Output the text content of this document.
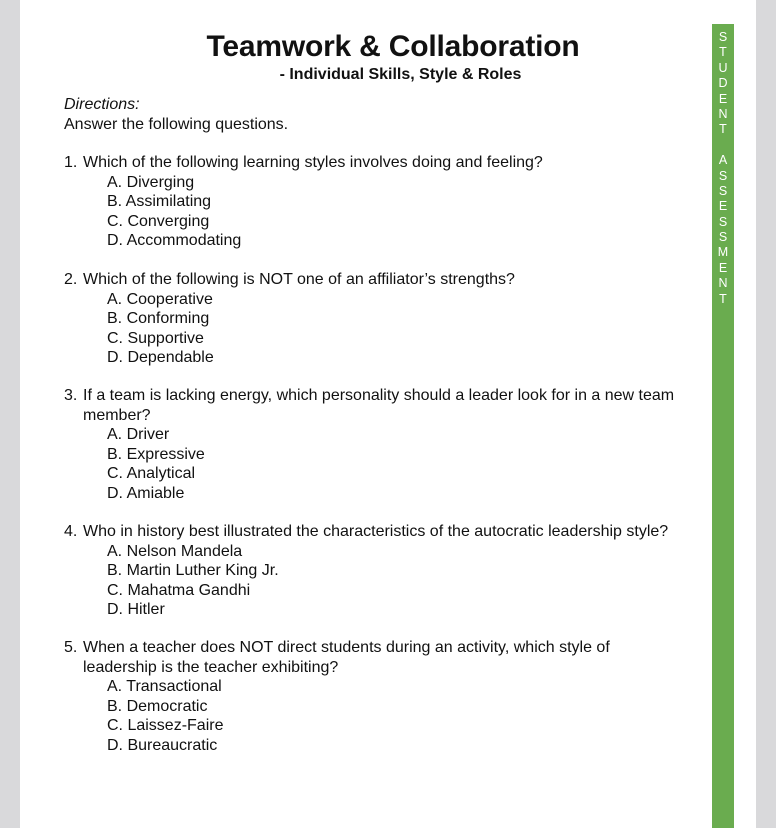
Teamwork & Collaboration
- Individual Skills, Style & Roles
Directions:
Answer the following questions.
1. Which of the following learning styles involves doing and feeling?
A. Diverging
B. Assimilating
C. Converging
D. Accommodating
2. Which of the following is NOT one of an affiliator’s strengths?
A. Cooperative
B. Conforming
C. Supportive
D. Dependable
3. If a team is lacking energy, which personality should a leader look for in a new team member?
A. Driver
B. Expressive
C. Analytical
D. Amiable
4. Who in history best illustrated the characteristics of the autocratic leadership style?
A. Nelson Mandela
B. Martin Luther King Jr.
C. Mahatma Gandhi
D. Hitler
5. When a teacher does NOT direct students during an activity, which style of leadership is the teacher exhibiting?
A. Transactional
B. Democratic
C. Laissez-Faire
D. Bureaucratic
S
T
U
D
E
N
T
A
S
S
E
S
S
M
E
N
T
